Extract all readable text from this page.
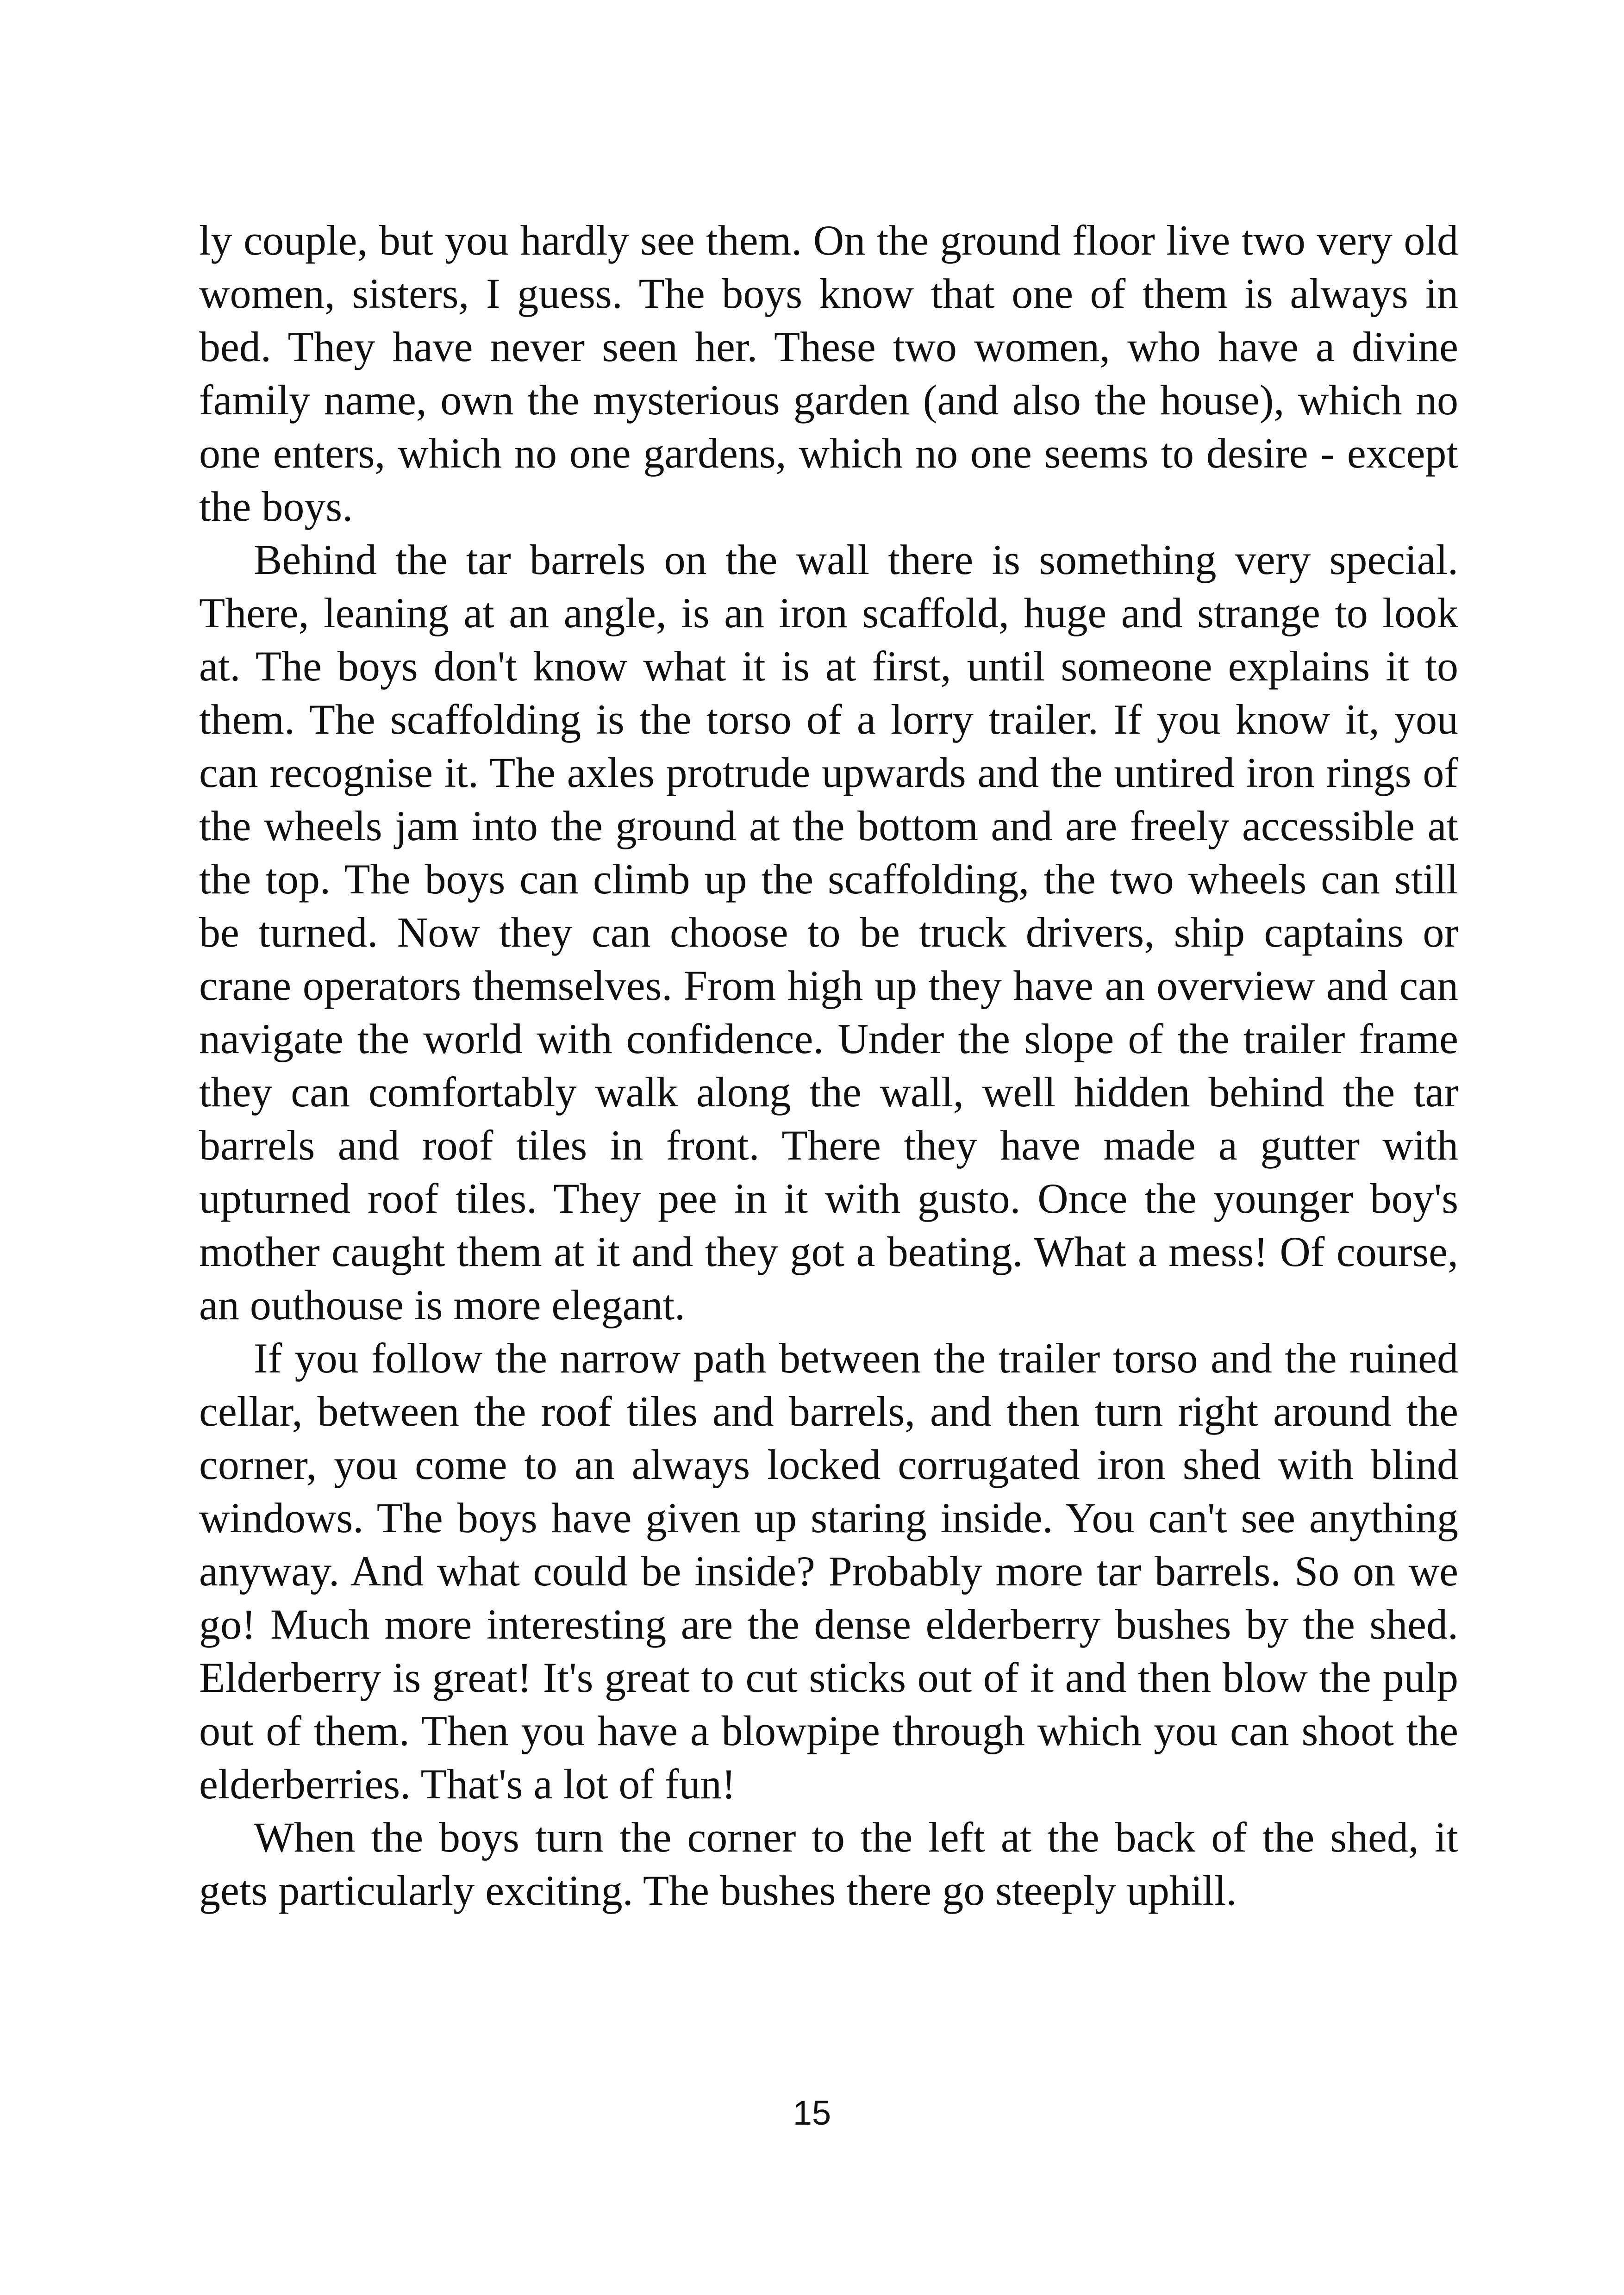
ly couple, but you hardly see them. On the ground floor live two very old women, sisters, I guess. The boys know that one of them is always in bed. They have never seen her. These two women, who have a divine family name, own the mysterious garden (and also the house), which no one enters, which no one gardens, which no one seems to desire - except the boys.

Behind the tar barrels on the wall there is something very special. There, leaning at an angle, is an iron scaffold, huge and strange to look at. The boys don't know what it is at first, until someone explains it to them. The scaffolding is the torso of a lorry trailer. If you know it, you can recognise it. The axles protrude upwards and the untired iron rings of the wheels jam into the ground at the bottom and are freely accessible at the top. The boys can climb up the scaffolding, the two wheels can still be turned. Now they can choose to be truck drivers, ship captains or crane operators themselves. From high up they have an overview and can navigate the world with confidence. Under the slope of the trailer frame they can comfortably walk along the wall, well hidden behind the tar barrels and roof tiles in front. There they have made a gutter with upturned roof tiles. They pee in it with gusto. Once the younger boy's mother caught them at it and they got a beating. What a mess! Of course, an outhouse is more elegant.

If you follow the narrow path between the trailer torso and the ruined cellar, between the roof tiles and barrels, and then turn right around the corner, you come to an always locked corrugated iron shed with blind windows. The boys have given up staring inside. You can't see anything anyway. And what could be inside? Probably more tar barrels. So on we go! Much more interesting are the dense elderberry bushes by the shed. Elderberry is great! It's great to cut sticks out of it and then blow the pulp out of them. Then you have a blowpipe through which you can shoot the elderberries. That's a lot of fun!

When the boys turn the corner to the left at the back of the shed, it gets particularly exciting. The bushes there go steeply uphill.

15
